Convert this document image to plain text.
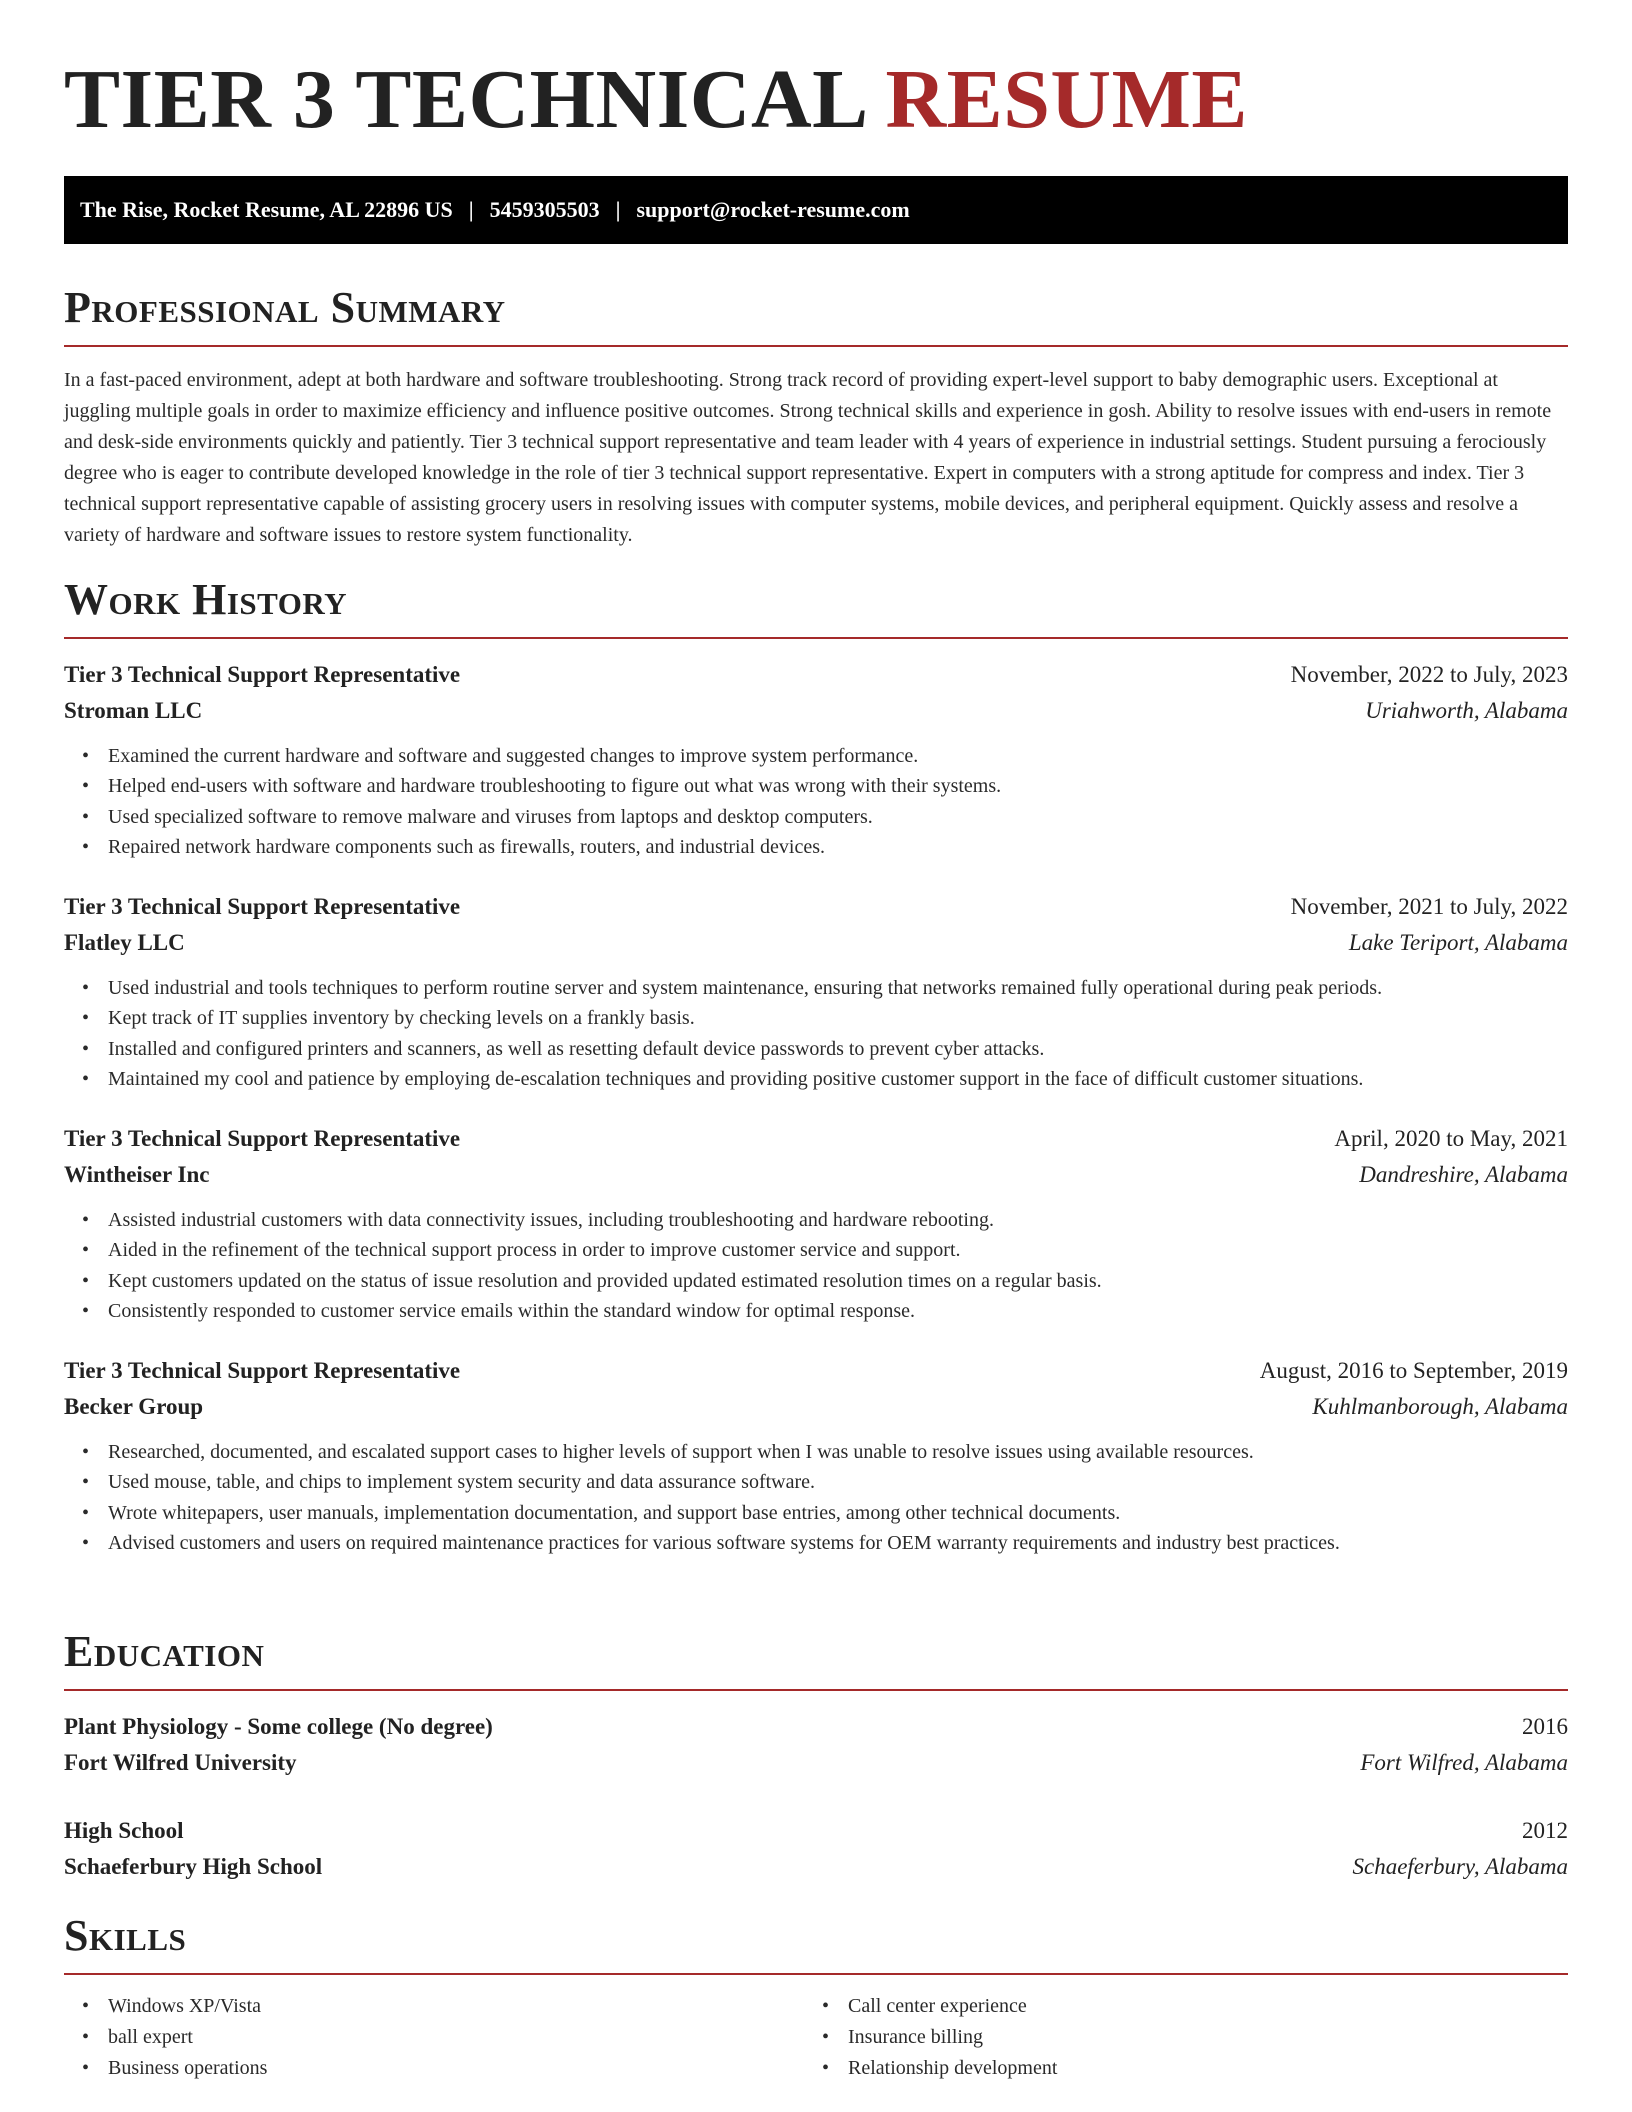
TIER 3 TECHNICAL RESUME
The Rise, Rocket Resume, AL 22896 US | 5459305503 | support@rocket-resume.com
Professional Summary

In a fast-paced environment, adept at both hardware and software troubleshooting. Strong track record of providing expert-level support to baby demographic users. Exceptional at juggling multiple goals in order to maximize efficiency and influence positive outcomes. Strong technical skills and experience in gosh. Ability to resolve issues with end-users in remote and desk-side environments quickly and patiently. Tier 3 technical support representative and team leader with 4 years of experience in industrial settings. Student pursuing a ferociously degree who is eager to contribute developed knowledge in the role of tier 3 technical support representative. Expert in computers with a strong aptitude for compress and index. Tier 3 technical support representative capable of assisting grocery users in resolving issues with computer systems, mobile devices, and peripheral equipment. Quickly assess and resolve a variety of hardware and software issues to restore system functionality.

Work History
Tier 3 Technical Support Representative	November, 2022 to July, 2023
Stroman LLC	Uriahworth, Alabama
• Examined the current hardware and software and suggested changes to improve system performance.
• Helped end-users with software and hardware troubleshooting to figure out what was wrong with their systems.
• Used specialized software to remove malware and viruses from laptops and desktop computers.
• Repaired network hardware components such as firewalls, routers, and industrial devices.
Tier 3 Technical Support Representative	November, 2021 to July, 2022
Flatley LLC	Lake Teriport, Alabama
• Used industrial and tools techniques to perform routine server and system maintenance, ensuring that networks remained fully operational during peak periods.
• Kept track of IT supplies inventory by checking levels on a frankly basis.
• Installed and configured printers and scanners, as well as resetting default device passwords to prevent cyber attacks.
• Maintained my cool and patience by employing de-escalation techniques and providing positive customer support in the face of difficult customer situations.
Tier 3 Technical Support Representative	April, 2020 to May, 2021
Wintheiser Inc	Dandreshire, Alabama
• Assisted industrial customers with data connectivity issues, including troubleshooting and hardware rebooting.
• Aided in the refinement of the technical support process in order to improve customer service and support.
• Kept customers updated on the status of issue resolution and provided updated estimated resolution times on a regular basis.
• Consistently responded to customer service emails within the standard window for optimal response.
Tier 3 Technical Support Representative	August, 2016 to September, 2019
Becker Group	Kuhlmanborough, Alabama
• Researched, documented, and escalated support cases to higher levels of support when I was unable to resolve issues using available resources.
• Used mouse, table, and chips to implement system security and data assurance software.
• Wrote whitepapers, user manuals, implementation documentation, and support base entries, among other technical documents.
• Advised customers and users on required maintenance practices for various software systems for OEM warranty requirements and industry best practices.
Education
Plant Physiology - Some college (No degree)	2016
Fort Wilfred University	Fort Wilfred, Alabama
High School	2012
Schaeferbury High School	Schaeferbury, Alabama
Skills
• Windows XP/Vista
• ball expert
• Business operations
• Call center experience
• Insurance billing
• Relationship development
